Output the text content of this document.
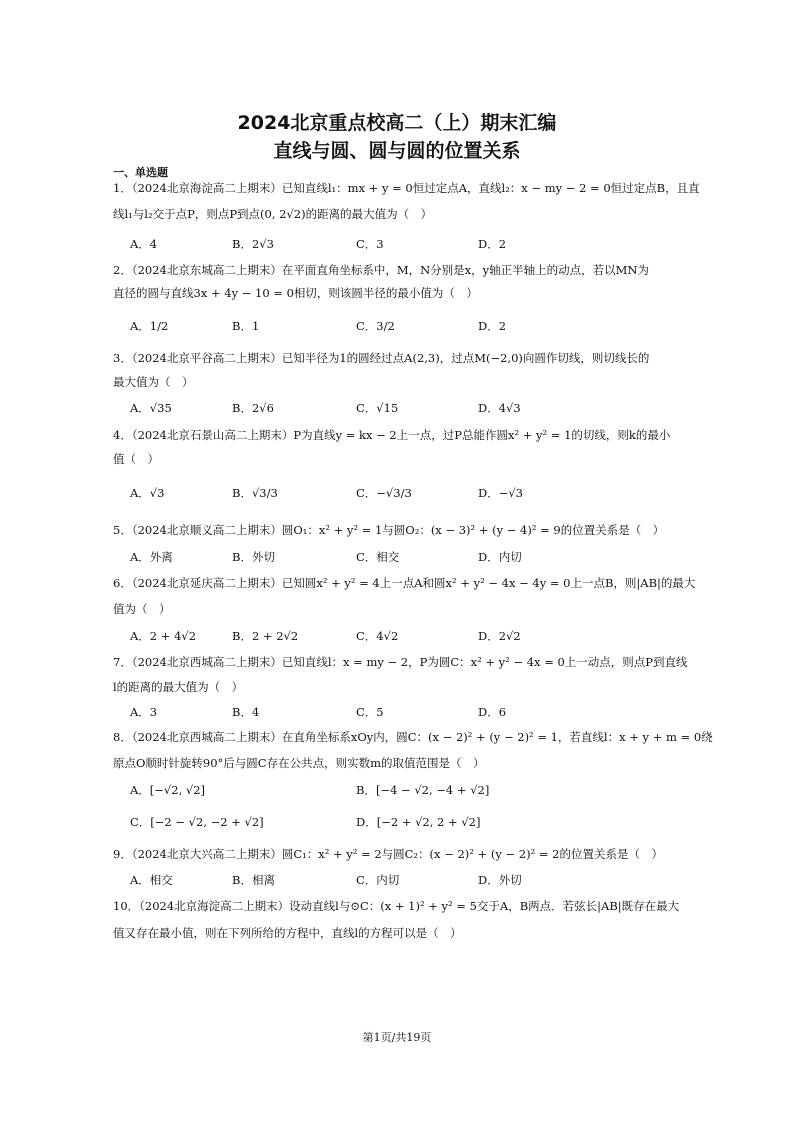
2024北京重点校高二（上）期末汇编
直线与圆、圆与圆的位置关系
一、单选题
1．（2024北京海淀高二上期末）已知直线l₁：mx + y = 0恒过定点A，直线l₂：x − my − 2 = 0恒过定点B，且直
线l₁与l₂交于点P，则点P到点(0, 2√2)的距离的最大值为（　）
A．4	B．2√3	C．3	D．2
2．（2024北京东城高二上期末）在平面直角坐标系中，M，N分别是x，y轴正半轴上的动点，若以MN为
直径的圆与直线3x + 4y − 10 = 0相切，则该圆半径的最小值为（　）
A．1/2	B．1	C．3/2	D．2
3．（2024北京平谷高二上期末）已知半径为1的圆经过点A(2,3)，过点M(−2,0)向圆作切线，则切线长的
最大值为（　）
A．√35	B．2√6	C．√15	D．4√3
4．（2024北京石景山高二上期末）P为直线y = kx − 2上一点，过P总能作圆x² + y² = 1的切线，则k的最小
值（　）
A．√3	B．√3/3	C．−√3/3	D．−√3
5．（2024北京顺义高二上期末）圆O₁：x² + y² = 1与圆O₂：(x − 3)² + (y − 4)² = 9的位置关系是（　）
A．外离	B．外切	C．相交	D．内切
6．（2024北京延庆高二上期末）已知圆x² + y² = 4上一点A和圆x² + y² − 4x − 4y = 0上一点B，则|AB|的最大
值为（　）
A．2 + 4√2	B．2 + 2√2	C．4√2	D．2√2
7．（2024北京西城高二上期末）已知直线l：x = my − 2，P为圆C：x² + y² − 4x = 0上一动点，则点P到直线
l的距离的最大值为（　）
A．3	B．4	C．5	D．6
8．（2024北京西城高二上期末）在直角坐标系xOy内，圆C：(x − 2)² + (y − 2)² = 1，若直线l：x + y + m = 0绕
原点O顺时针旋转90°后与圆C存在公共点，则实数m的取值范围是（　）
A．[−√2, √2]	B．[−4 − √2, −4 + √2]
C．[−2 − √2, −2 + √2]	D．[−2 + √2, 2 + √2]
9．（2024北京大兴高二上期末）圆C₁：x² + y² = 2与圆C₂：(x − 2)² + (y − 2)² = 2的位置关系是（　）
A．相交	B．相离	C．内切	D．外切
10．（2024北京海淀高二上期末）设动直线l与⊙C：(x + 1)² + y² = 5交于A，B两点．若弦长|AB|既存在最大
值又存在最小值，则在下列所给的方程中，直线l的方程可以是（　）
第1页/共19页
